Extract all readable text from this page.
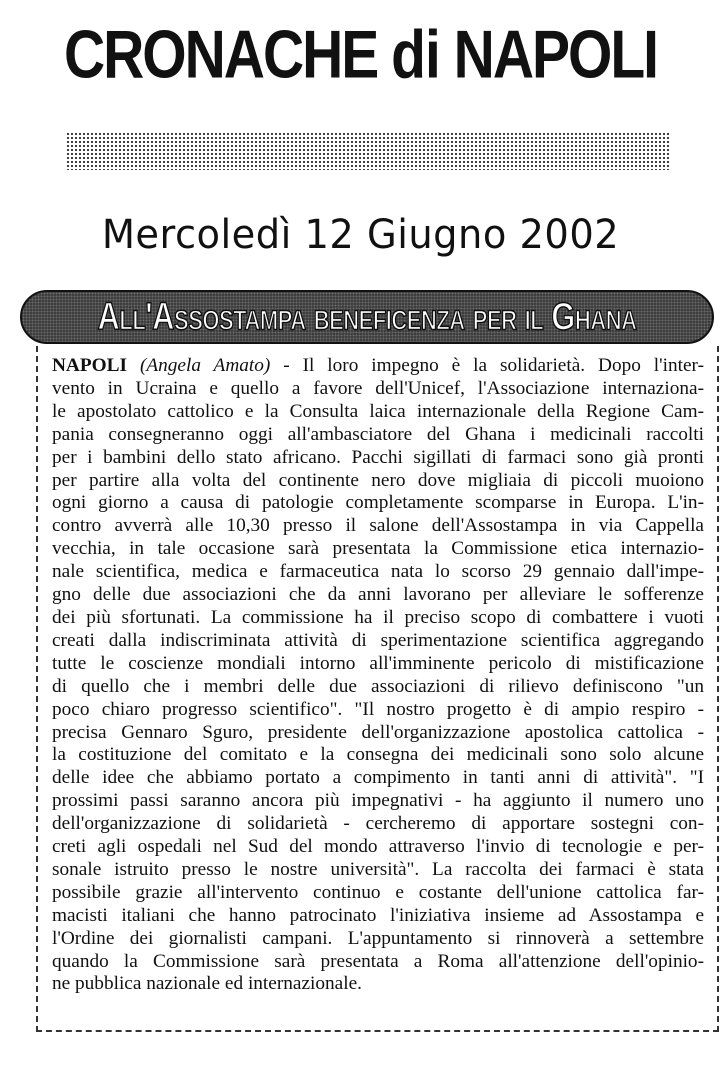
CRONACHE di NAPOLI
Mercoledì 12 Giugno 2002
All'Assostampa beneficenza per il Ghana
NAPOLI (Angela Amato) - Il loro impegno è la solidarietà. Dopo l'inter-
vento in Ucraina e quello a favore dell'Unicef, l'Associazione internaziona-
le apostolato cattolico e la Consulta laica internazionale della Regione Cam-
pania consegneranno oggi all'ambasciatore del Ghana i medicinali raccolti
per i bambini dello stato africano. Pacchi sigillati di farmaci sono già pronti
per partire alla volta del continente nero dove migliaia di piccoli muoiono
ogni giorno a causa di patologie completamente scomparse in Europa. L'in-
contro avverrà alle 10,30 presso il salone dell'Assostampa in via Cappella
vecchia, in tale occasione sarà presentata la Commissione etica internazio-
nale scientifica, medica e farmaceutica nata lo scorso 29 gennaio dall'impe-
gno delle due associazioni che da anni lavorano per alleviare le sofferenze
dei più sfortunati. La commissione ha il preciso scopo di combattere i vuoti
creati dalla indiscriminata attività di sperimentazione scientifica aggregando
tutte le coscienze mondiali intorno all'imminente pericolo di mistificazione
di quello che i membri delle due associazioni di rilievo definiscono "un
poco chiaro progresso scientifico". "Il nostro progetto è di ampio respiro -
precisa Gennaro Sguro, presidente dell'organizzazione apostolica cattolica -
la costituzione del comitato e la consegna dei medicinali sono solo alcune
delle idee che abbiamo portato a compimento in tanti anni di attività". "I
prossimi passi saranno ancora più impegnativi - ha aggiunto il numero uno
dell'organizzazione di solidarietà - cercheremo di apportare sostegni con-
creti agli ospedali nel Sud del mondo attraverso l'invio di tecnologie e per-
sonale istruito presso le nostre università". La raccolta dei farmaci è stata
possibile grazie all'intervento continuo e costante dell'unione cattolica far-
macisti italiani che hanno patrocinato l'iniziativa insieme ad Assostampa e
l'Ordine dei giornalisti campani. L'appuntamento si rinnoverà a settembre
quando la Commissione sarà presentata a Roma all'attenzione dell'opinio-
ne pubblica nazionale ed internazionale.
